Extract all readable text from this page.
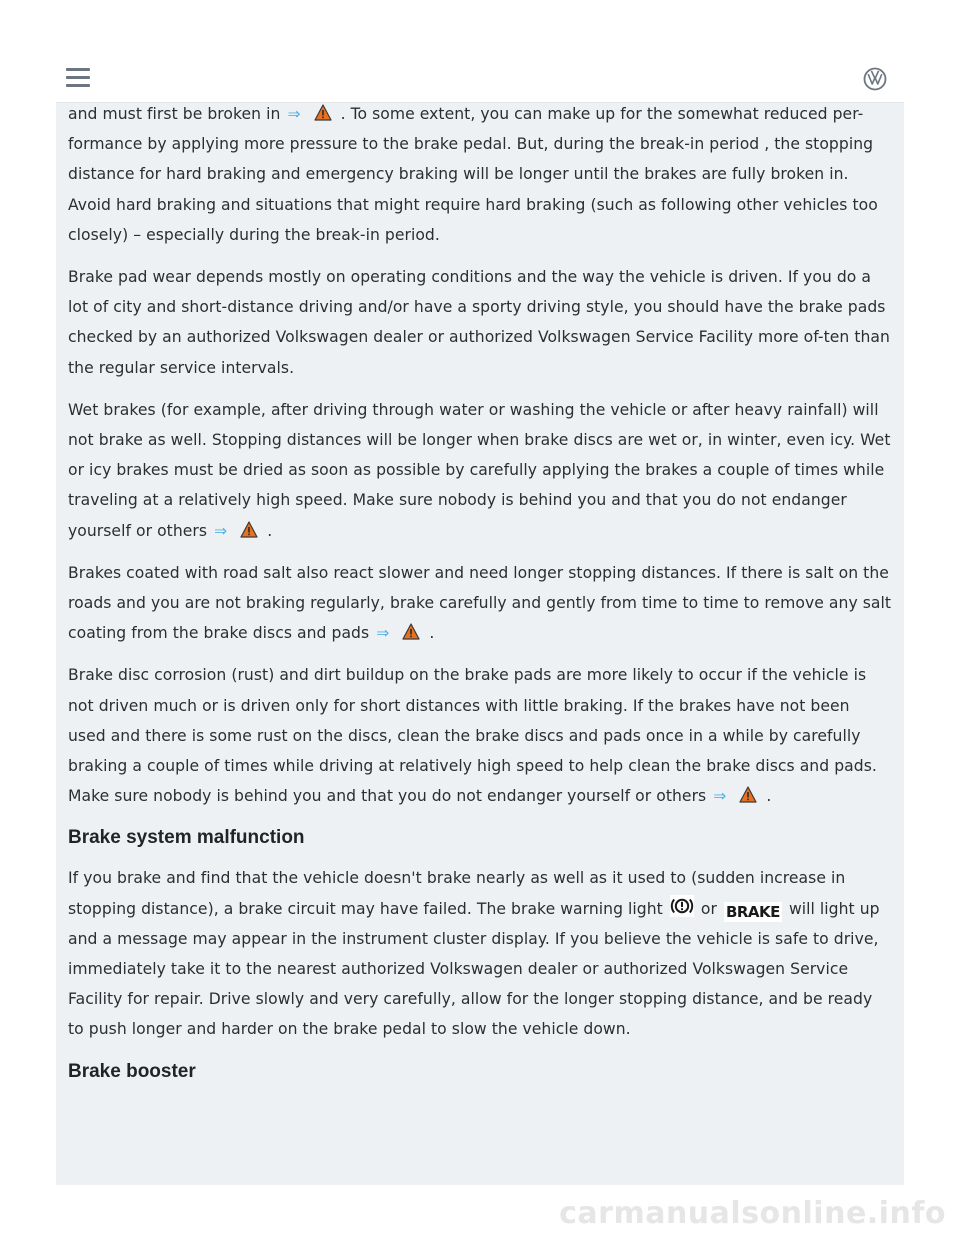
and must first be broken in ⇒	. To some extent, you can make up for the somewhat reduced per-formance by applying more pressure to the brake pedal. But, during the break-in period , the stopping distance for hard braking and emergency braking will be longer until the brakes are fully broken in. Avoid hard braking and situations that might require hard braking (such as following other vehicles too closely) – especially during the break-in period.

Brake pad wear depends mostly on operating conditions and the way the vehicle is driven. If you do a lot of city and short-distance driving and/or have a sporty driving style, you should have the brake pads checked by an authorized Volkswagen dealer or authorized Volkswagen Service Facility more of-ten than the regular service intervals.

Wet brakes (for example, after driving through water or washing the vehicle or after heavy rainfall) will not brake as well. Stopping distances will be longer when brake discs are wet or, in winter, even icy. Wet or icy brakes must be dried as soon as possible by carefully applying the brakes a couple of times while traveling at a relatively high speed. Make sure nobody is behind you and that you do not endanger yourself or others ⇒	.

Brakes coated with road salt also react slower and need longer stopping distances. If there is salt on the roads and you are not braking regularly, brake carefully and gently from time to time to remove any salt coating from the brake discs and pads ⇒	.

Brake disc corrosion (rust) and dirt buildup on the brake pads are more likely to occur if the vehicle is not driven much or is driven only for short distances with little braking. If the brakes have not been used and there is some rust on the discs, clean the brake discs and pads once in a while by carefully braking a couple of times while driving at relatively high speed to help clean the brake discs and pads. Make sure nobody is behind you and that you do not endanger yourself or others ⇒	.

Brake system malfunction

If you brake and find that the vehicle doesn't brake nearly as well as it used to (sudden increase in stopping distance), a brake circuit may have failed. The brake warning light or BRAKE will light up and a message may appear in the instrument cluster display. If you believe the vehicle is safe to drive, immediately take it to the nearest authorized Volkswagen dealer or authorized Volkswagen Service Facility for repair. Drive slowly and very carefully, allow for the longer stopping distance, and be ready to push longer and harder on the brake pedal to slow the vehicle down.

Brake booster
carmanualsonline.info
